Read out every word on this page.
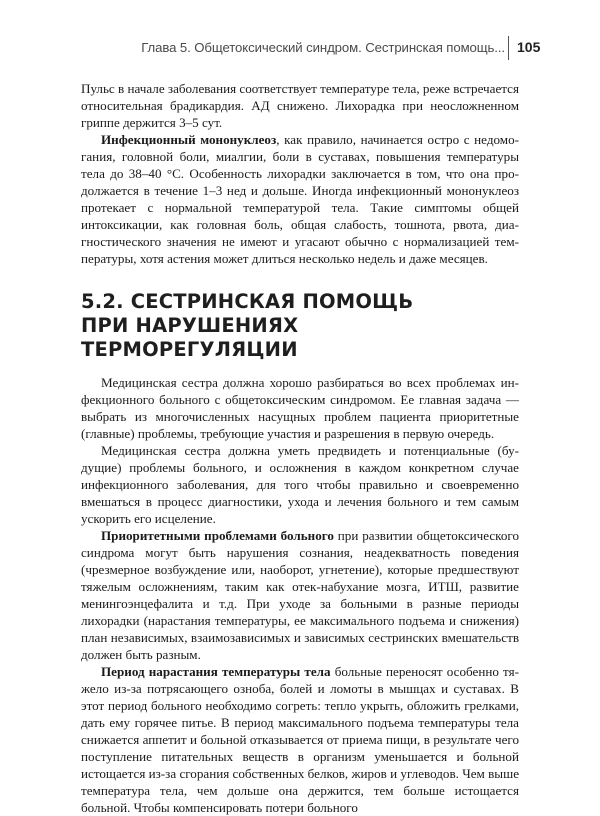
Глава 5. Общетоксический синдром. Сестринская помощь... 105

Пульс в начале заболевания соответствует температуре тела, реже встречается относительная брадикардия. АД снижено. Лихорадка при неосложненном гриппе держится 3–5 сут.

Инфекционный мононуклеоз, как правило, начинается остро с недомогания, головной боли, миалгии, боли в суставах, повышения температуры тела до 38–40 °С. Особенность лихорадки заключается в том, что она продолжается в течение 1–3 нед и дольше. Иногда инфекционный мононуклеоз протекает с нормальной температурой тела. Такие симптомы общей интоксикации, как головная боль, общая слабость, тошнота, рвота, диагностического значения не имеют и угасают обычно с нормализацией температуры, хотя астения может длиться несколько недель и даже месяцев.

5.2. СЕСТРИНСКАЯ ПОМОЩЬ
ПРИ НАРУШЕНИЯХ ТЕРМОРЕГУЛЯЦИИ

Медицинская сестра должна хорошо разбираться во всех проблемах инфекционного больного с общетоксическим синдромом. Ее главная задача — выбрать из многочисленных насущных проблем пациента приоритетные (главные) проблемы, требующие участия и разрешения в первую очередь.

Медицинская сестра должна уметь предвидеть и потенциальные (будущие) проблемы больного, и осложнения в каждом конкретном случае инфекционного заболевания, для того чтобы правильно и своевременно вмешаться в процесс диагностики, ухода и лечения больного и тем самым ускорить его исцеление.

Приоритетными проблемами больного при развитии общетоксического синдрома могут быть нарушения сознания, неадекватность поведения (чрезмерное возбуждение или, наоборот, угнетение), которые предшествуют тяжелым осложнениям, таким как отек-набухание мозга, ИТШ, развитие менингоэнцефалита и т.д. При уходе за больными в разные периоды лихорадки (нарастания температуры, ее максимального подъема и снижения) план независимых, взаимозависимых и зависимых сестринских вмешательств должен быть разным.

Период нарастания температуры тела больные переносят особенно тяжело из-за потрясающего озноба, болей и ломоты в мышцах и суставах. В этот период больного необходимо согреть: тепло укрыть, обложить грелками, дать ему горячее питье. В период максимального подъема температуры тела снижается аппетит и больной отказывается от приема пищи, в результате чего поступление питательных веществ в организм уменьшается и больной истощается из-за сгорания собственных белков, жиров и углеводов. Чем выше температура тела, чем дольше она держится, тем больше истощается больной. Чтобы компенсировать потери больного
